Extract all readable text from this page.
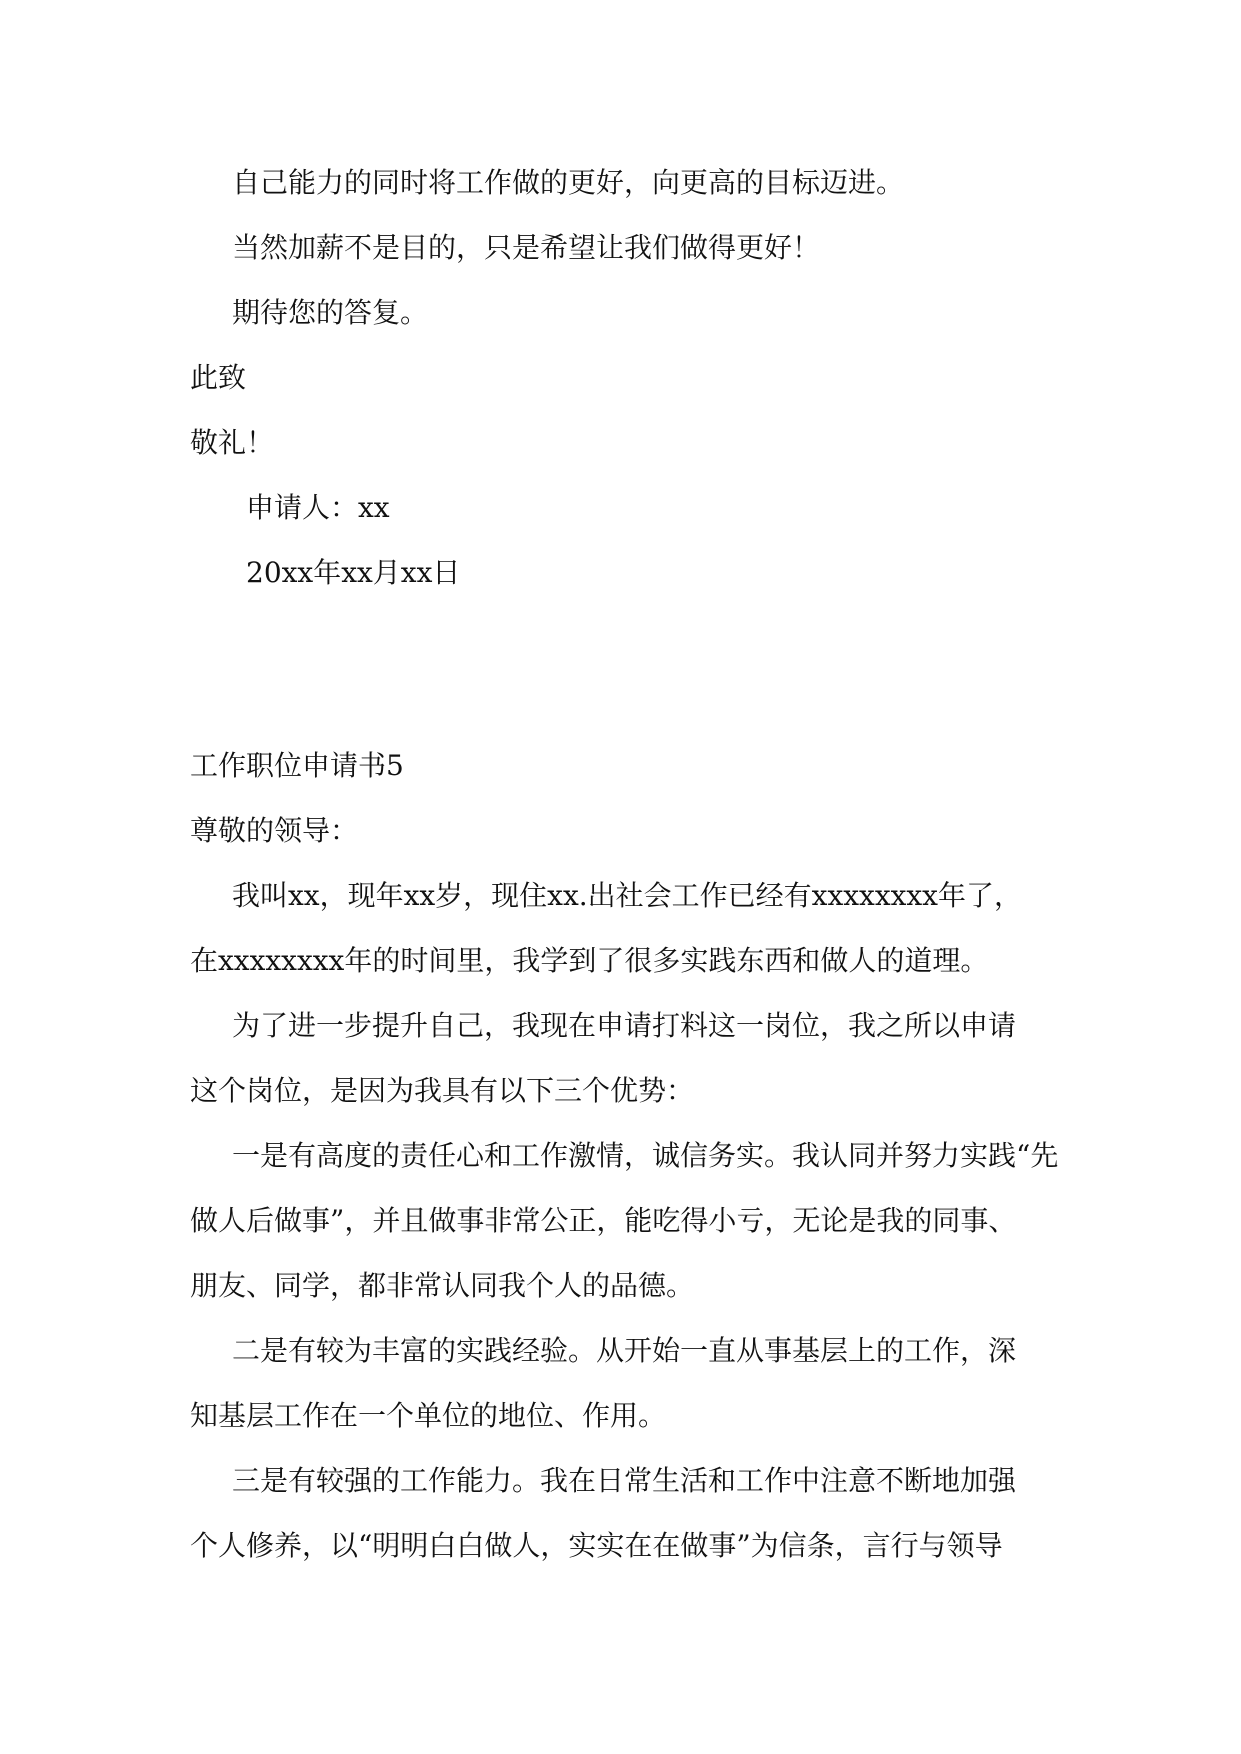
自己能力的同时将工作做的更好，向更高的目标迈进。

当然加薪不是目的，只是希望让我们做得更好！

期待您的答复。

此致

敬礼！

申请人：xx

20xx年xx月xx日

工作职位申请书5

尊敬的领导：

我叫xx，现年xx岁，现住xx.出社会工作已经有xxxxxxxx年了，

在xxxxxxxx年的时间里，我学到了很多实践东西和做人的道理。

为了进一步提升自己，我现在申请打料这一岗位，我之所以申请

这个岗位，是因为我具有以下三个优势：

一是有高度的责任心和工作激情，诚信务实。我认同并努力实践“先

做人后做事”，并且做事非常公正，能吃得小亏，无论是我的同事、

朋友、同学，都非常认同我个人的品德。

二是有较为丰富的实践经验。从开始一直从事基层上的工作，深

知基层工作在一个单位的地位、作用。

三是有较强的工作能力。我在日常生活和工作中注意不断地加强

个人修养，以“明明白白做人，实实在在做事”为信条，言行与领导
